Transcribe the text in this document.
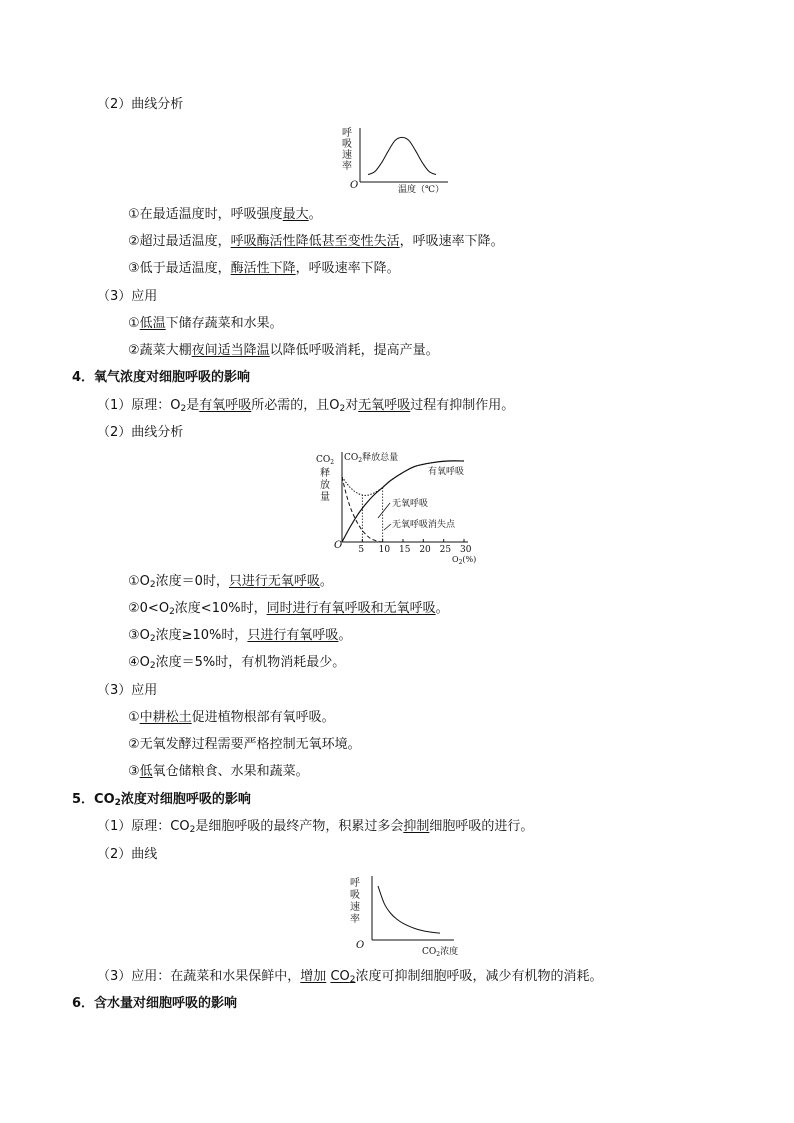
（2）曲线分析
呼
吸
速
率
O	温度（℃）
①在最适温度时，呼吸强度最大。
②超过最适温度，呼吸酶活性降低甚至变性失活，呼吸速率下降。
③低于最适温度，酶活性下降，呼吸速率下降。
（3）应用
①低温下储存蔬菜和水果。
②蔬菜大棚夜间适当降温以降低呼吸消耗，提高产量。
4．氧气浓度对细胞呼吸的影响
（1）原理：$O_2$是有氧呼吸所必需的，且$O_2$对无氧呼吸过程有抑制作用。
（2）曲线分析
$CO_2$
释
放
量
O 5 10 15 20 25 30
$O_2(\%)$
$CO_2$释放总量
有氧呼吸
无氧呼吸
无氧呼吸消失点
$①O_2$浓度＝0时，只进行无氧呼吸。
$②0<O_2$浓度<10%时，同时进行有氧呼吸和无氧呼吸。
$③O_2$浓度≥10%时，只进行有氧呼吸。
$④O_2$浓度＝5%时，有机物消耗最少。
（3）应用
①中耕松土促进植物根部有氧呼吸。
②无氧发酵过程需要严格控制无氧环境。
③低氧仓储粮食、水果和蔬菜。
5．$CO_2$浓度对细胞呼吸的影响
（1）原理：$CO_2$是细胞呼吸的最终产物，积累过多会抑制细胞呼吸的进行。
（2）曲线
呼
吸
速
率
O
$CO_2$浓度
（3）应用：在蔬菜和水果保鲜中，增加 $CO_2$浓度可抑制细胞呼吸，减少有机物的消耗。
6．含水量对细胞呼吸的影响
